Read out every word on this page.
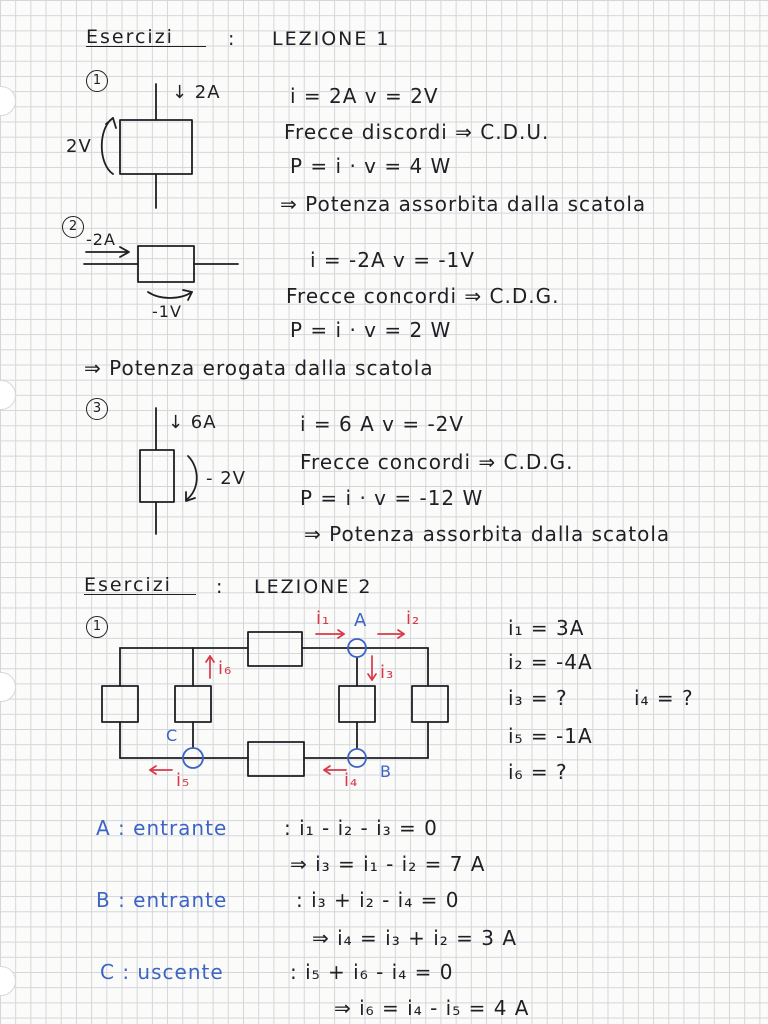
Esercizi	: LEZIONE 1
1
↓ 2A
2V
i = 2A v = 2V
Frecce discordi ⇒ C.D.U.
P = i · v = 4 W
⇒ Potenza assorbita dalla scatola
2
-2A
-1V
i = -2A v = -1V
Frecce concordi ⇒ C.D.G.
P = i · v = 2 W
⇒ Potenza erogata dalla scatola
3
↓ 6A
- 2V
i = 6 A v = -2V
Frecce concordi ⇒ C.D.G.
P = i · v = -12 W
⇒ Potenza assorbita dalla scatola
Esercizi : LEZIONE 2
1	i₁ A i₂
i₆	i₃
C
i₅	i₄ B
i₁ = 3A
i₂ = -4A
i₃ = ?	i₄ = ?
i₅ = -1A
i₆ = ?
A : entrante	: i₁ - i₂ - i₃ = 0
⇒ i₃ = i₁ - i₂ = 7 A
B : entrante	: i₃ + i₂ - i₄ = 0
⇒ i₄ = i₃ + i₂ = 3 A
C : uscente	: i₅ + i₆ - i₄ = 0
⇒ i₆ = i₄ - i₅ = 4 A
